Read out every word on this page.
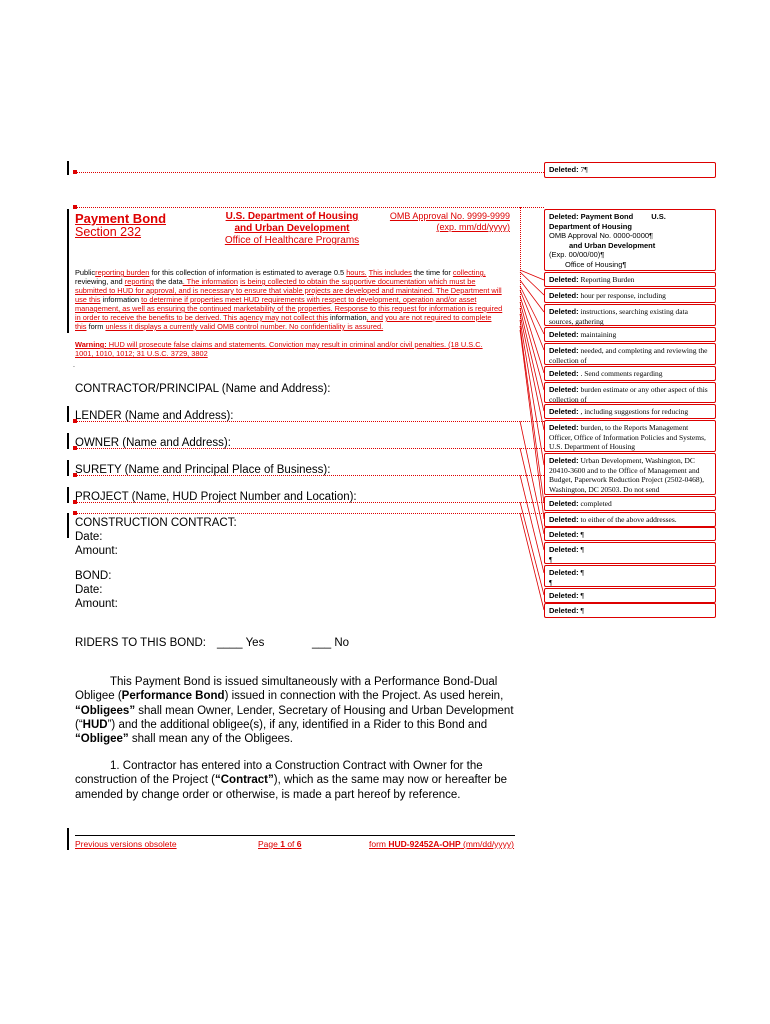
Deleted: 7¶
Payment Bond
Section 232
U.S. Department of Housing
and Urban Development
Office of Healthcare Programs
OMB Approval No. 9999-9999
(exp. mm/dd/yyyy)
Publicreporting burden for this collection of information is estimated to average 0.5 hours. This includes the time for collecting,
reviewing, and reporting the data. The information is being collected to obtain the supportive documentation which must be
submitted to HUD for approval, and is necessary to ensure that viable projects are developed and maintained. The Department will
use this information to determine if properties meet HUD requirements with respect to development, operation and/or asset
management, as well as ensuring the continued marketability of the properties. Response to this request for information is required
in order to receive the benefits to be derived. This agency may not collect this information, and you are not required to complete
this form unless it displays a currently valid OMB control number. No confidentiality is assured.
Warning: HUD will prosecute false claims and statements. Conviction may result in criminal and/or civil penalties. (18 U.S.C.
1001, 1010, 1012; 31 U.S.C. 3729, 3802
.
CONTRACTOR/PRINCIPAL (Name and Address):
LENDER (Name and Address):
OWNER (Name and Address):
SURETY (Name and Principal Place of Business):
PROJECT (Name, HUD Project Number and Location):
CONSTRUCTION CONTRACT:
Date:
Amount:
BOND:
Date:
Amount:
RIDERS TO THIS BOND: ____ Yes	___ No
This Payment Bond is issued simultaneously with a Performance Bond-Dual
Obligee (Performance Bond) issued in connection with the Project. As used herein,
“Obligees” shall mean Owner, Lender, Secretary of Housing and Urban Development
(“HUD”) and the additional obligee(s), if any, identified in a Rider to this Bond and
“Obligee” shall mean any of the Obligees.
1. Contractor has entered into a Construction Contract with Owner for the
construction of the Project (“Contract”), which as the same may now or hereafter be
amended by change order or otherwise, is made a part hereof by reference.
Previous versions obsolete	Page 1 of 6	form HUD-92452A-OHP (mm/dd/yyyy)
Deleted: Payment Bond U.S.
Department of Housing
OMB Approval No. 0000-0000¶
and Urban Development
(Exp. 00/00/00)¶
Office of Housing¶
Deleted: Reporting Burden
Deleted: hour per response, including
Deleted: instructions, searching existing data sources, gathering
Deleted: maintaining
Deleted: needed, and completing and reviewing the collection of
Deleted: . Send comments regarding
Deleted: burden estimate or any other aspect of this collection of
Deleted: , including suggestions for reducing
Deleted: burden, to the Reports Management Officer, Office of Information Policies and Systems, U.S. Department of Housing
Deleted: Urban Development, Washington, DC 20410-3600 and to the Office of Management and Budget, Paperwork Reduction Project (2502-0468), Washington, DC 20503. Do not send
Deleted: completed
Deleted: to either of the above addresses.
Deleted: ¶
Deleted: ¶
¶
Deleted: ¶
¶
Deleted: ¶
Deleted: ¶
